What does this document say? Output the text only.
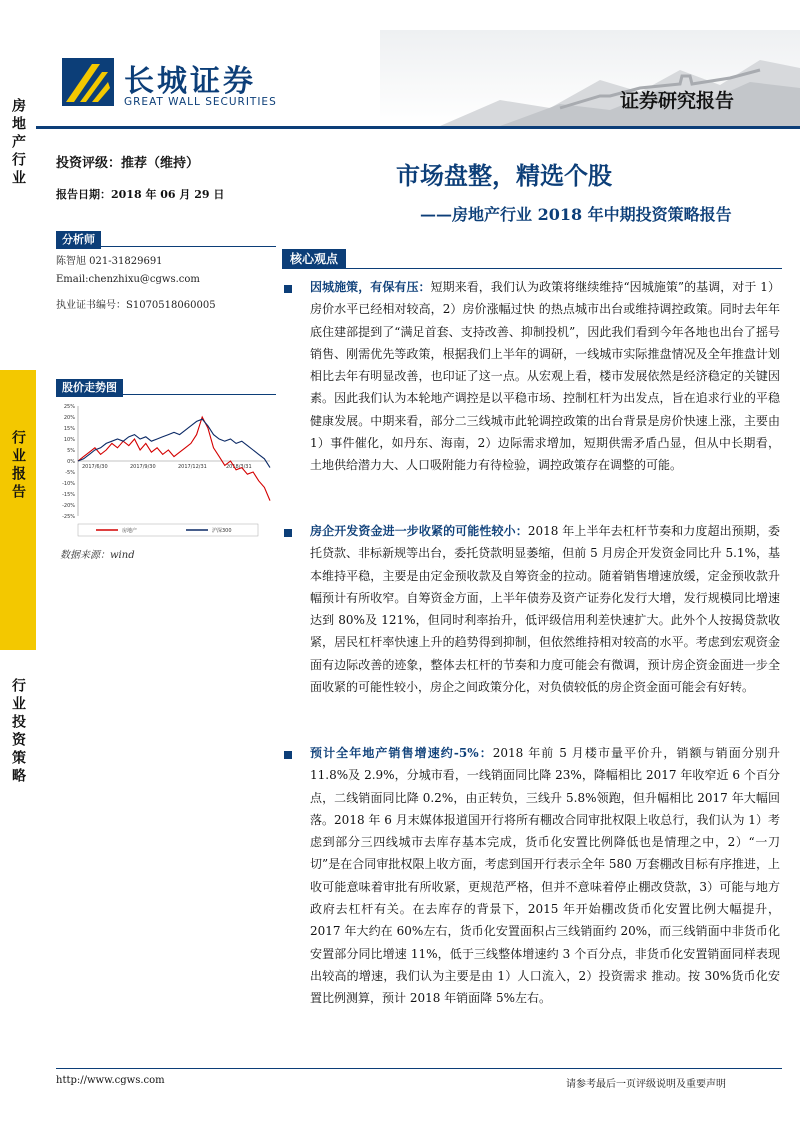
房地产行业
行业报告
行业投资策略
长城证券
GREAT WALL SECURITIES	证券研究报告
投资评级：推荐（维持）
报告日期：2018 年 06 月 29 日
分析师
陈智旭 021-31829691
Email:chenzhixu@cgws.com
执业证书编号：S1070518060005
股价走势图
25%
20%
15%
10%
5%
0%
-5%
-10%
-15%
-20%
-25%
2017/6/30	2017/9/30	2017/12/31	2018/3/31
房地产	沪深300
数据来源：wind
市场盘整，精选个股
——房地产行业 2018 年中期投资策略报告
核心观点
因城施策，有保有压：短期来看，我们认为政策将继续维持“因城施策”的基调，对于 1）房价水平已经相对较高，2）房价涨幅过快 的热点城市出台或维持调控政策。同时去年年底住建部提到了“满足首套、支持改善、抑制投机”，因此我们看到今年各地也出台了摇号销售、刚需优先等政策，根据我们上半年的调研，一线城市实际推盘情况及全年推盘计划相比去年有明显改善，也印证了这一点。从宏观上看，楼市发展依然是经济稳定的关键因素。因此我们认为本轮地产调控是以平稳市场、控制杠杆为出发点，旨在追求行业的平稳健康发展。中期来看，部分二三线城市此轮调控政策的出台背景是房价快速上涨，主要由 1）事件催化，如丹东、海南，2）边际需求增加，短期供需矛盾凸显，但从中长期看，土地供给潜力大、人口吸附能力有待检验，调控政策存在调整的可能。
房企开发资金进一步收紧的可能性较小：2018 年上半年去杠杆节奏和力度超出预期，委托贷款、非标新规等出台，委托贷款明显萎缩，但前 5 月房企开发资金同比升 5.1%，基本维持平稳，主要是由定金预收款及自筹资金的拉动。随着销售增速放缓，定金预收款升幅预计有所收窄。自筹资金方面，上半年债券及资产证券化发行大增，发行规模同比增速达到 80%及 121%，但同时利率抬升，低评级信用利差快速扩大。此外个人按揭贷款收紧，居民杠杆率快速上升的趋势得到抑制，但依然维持相对较高的水平。考虑到宏观资金面有边际改善的迹象，整体去杠杆的节奏和力度可能会有微调，预计房企资金面进一步全面收紧的可能性较小，房企之间政策分化，对负债较低的房企资金面可能会有好转。
预计全年地产销售增速约-5%：2018 年前 5 月楼市量平价升，销额与销面分别升 11.8%及 2.9%，分城市看，一线销面同比降 23%，降幅相比 2017 年收窄近 6 个百分点，二线销面同比降 0.2%，由正转负，三线升 5.8%领跑，但升幅相比 2017 年大幅回落。2018 年 6 月末媒体报道国开行将所有棚改合同审批权限上收总行，我们认为 1）考虑到部分三四线城市去库存基本完成，货币化安置比例降低也是情理之中，2）“一刀切”是在合同审批权限上收方面，考虑到国开行表示全年 580 万套棚改目标有序推进，上收可能意味着审批有所收紧，更规范严格，但并不意味着停止棚改贷款，3）可能与地方政府去杠杆有关。在去库存的背景下，2015 年开始棚改货币化安置比例大幅提升，2017 年大约在 60%左右，货币化安置面积占三线销面约 20%，而三线销面中非货币化安置部分同比增速 11%，低于三线整体增速约 3 个百分点，非货币化安置销面同样表现出较高的增速，我们认为主要是由 1）人口流入，2）投资需求 推动。按 30%货币化安置比例测算，预计 2018 年销面降 5%左右。
http://www.cgws.com	请参考最后一页评级说明及重要声明
